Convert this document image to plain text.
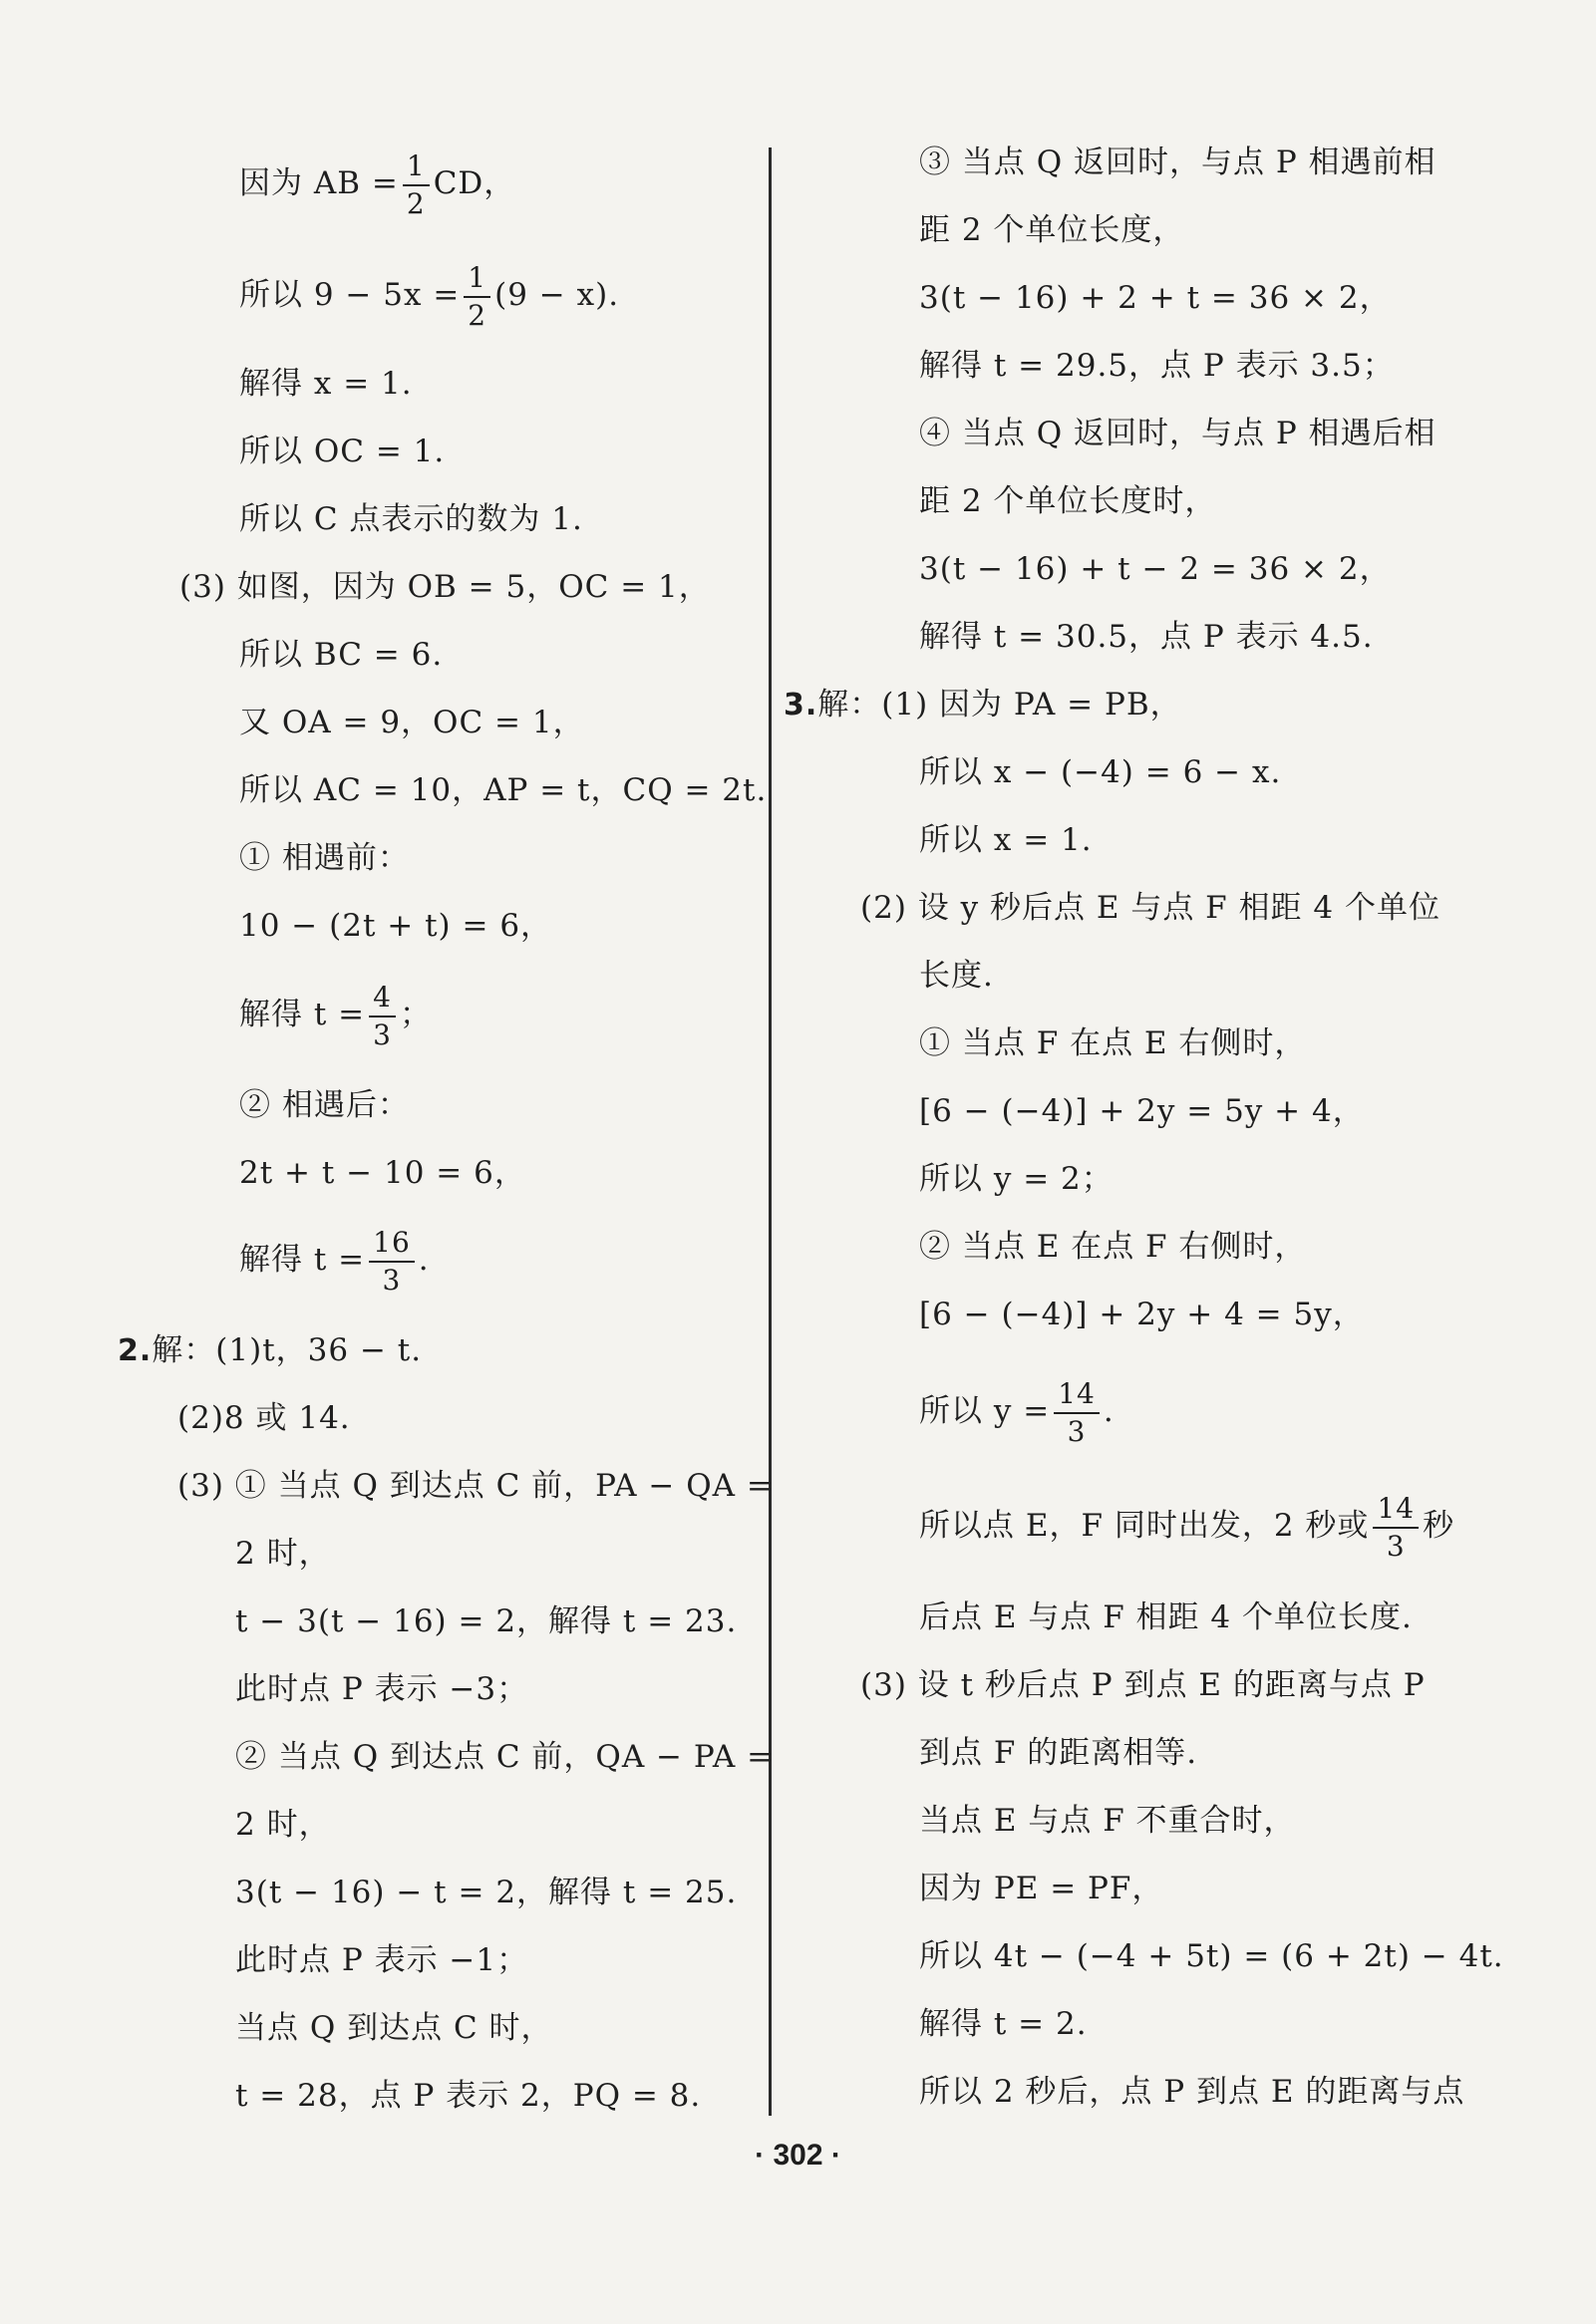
因为 AB = $\frac{1}{2}$ CD，
所以 $9 - 5x = \frac{1}{2} (9 - x)$.
解得 x = 1.
所以 OC = 1.
所以 C 点表示的数为 1.
(3) 如图，因为 OB = 5，OC = 1，
所以 BC = 6.
又 OA = 9，OC = 1，
所以 AC = 10，AP = t，CQ = 2t.
① 相遇前：
10 − (2t + t) = 6，
解得 $t = \frac{4}{3}$ ；
② 相遇后：
2t + t − 10 = 6，
解得 $t = \frac{16}{3}$ .
2.解：(1)t，36 − t.
(2)8 或 14.
(3) ① 当点 Q 到达点 C 前，PA − QA =
2 时，
t − 3(t − 16) = 2，解得 t = 23.
此时点 P 表示 −3；
② 当点 Q 到达点 C 前，QA − PA =
2 时，
3(t − 16) − t = 2，解得 t = 25.
此时点 P 表示 −1；
当点 Q 到达点 C 时，
t = 28，点 P 表示 2，PQ = 8.
③ 当点 Q 返回时，与点 P 相遇前相
距 2 个单位长度，
3(t − 16) + 2 + t = 36 × 2，
解得 t = 29.5，点 P 表示 3.5；
④ 当点 Q 返回时，与点 P 相遇后相
距 2 个单位长度时，
3(t − 16) + t − 2 = 36 × 2，
解得 t = 30.5，点 P 表示 4.5.
3.解：(1) 因为 PA = PB，
所以 x − (−4) = 6 − x.
所以 x = 1.
(2) 设 y 秒后点 E 与点 F 相距 4 个单位
长度.
① 当点 F 在点 E 右侧时，
[6 − (−4)] + 2y = 5y + 4，
所以 y = 2；
② 当点 E 在点 F 右侧时，
[6 − (−4)] + 2y + 4 = 5y，
所以 $y = \frac{14}{3}$ .
所以点 E，F 同时出发，2 秒或 $\frac{14}{3}$ 秒
后点 E 与点 F 相距 4 个单位长度.
(3) 设 t 秒后点 P 到点 E 的距离与点 P
到点 F 的距离相等.
当点 E 与点 F 不重合时，
因为 PE = PF，
所以 4t − (−4 + 5t) = (6 + 2t) − 4t.
解得 t = 2.
所以 2 秒后，点 P 到点 E 的距离与点
· 302 ·
